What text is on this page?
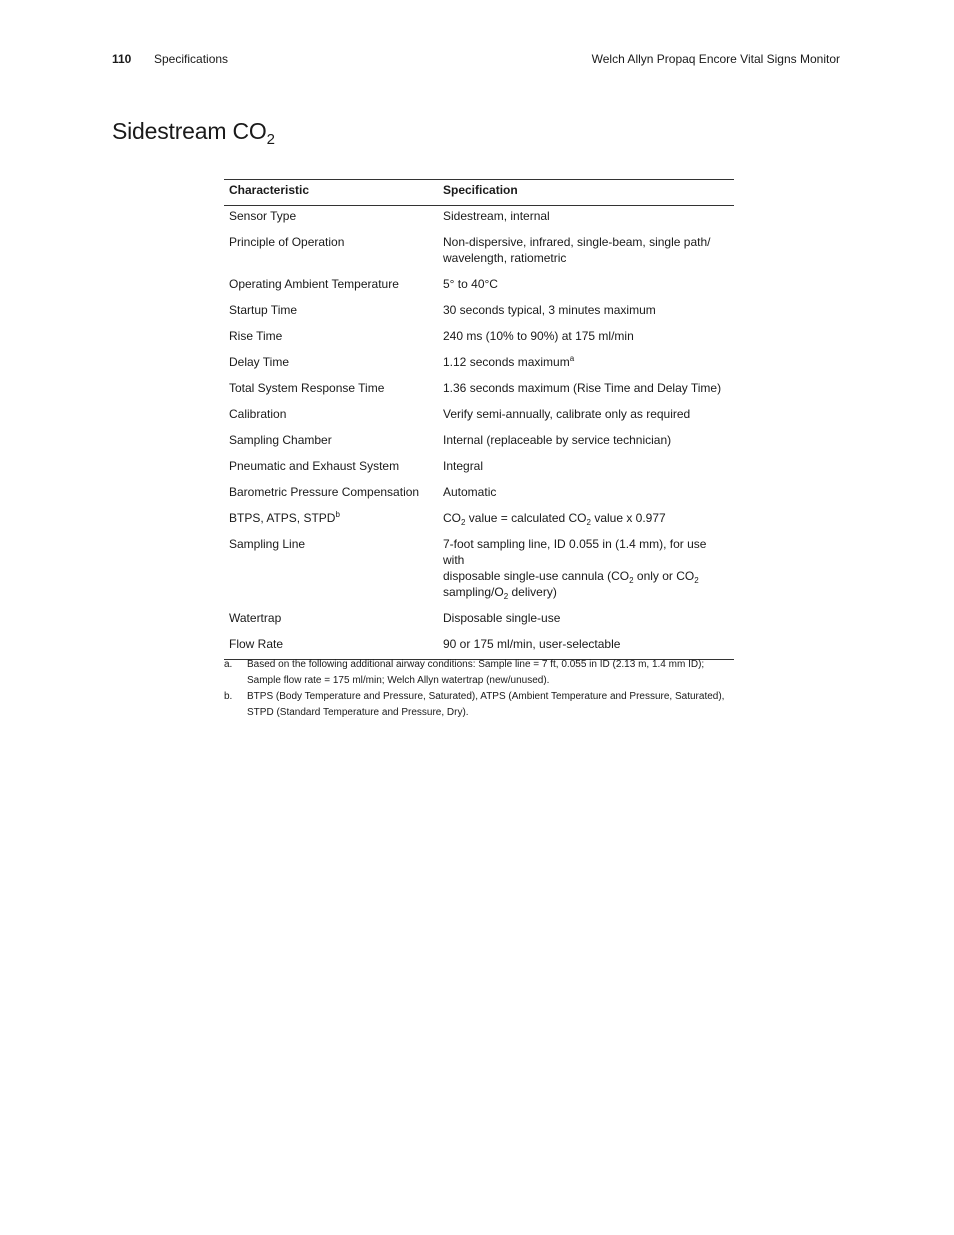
110 Specifications	Welch Allyn Propaq Encore Vital Signs Monitor
Sidestream $CO_2$
Characteristic	Specification
Sensor Type	Sidestream, internal
Principle of Operation	Non-dispersive, infrared, single-beam, single path/
wavelength, ratiometric
Operating Ambient Temperature	5° to 40°C
Startup Time	30 seconds typical, 3 minutes maximum
Rise Time	240 ms (10% to 90%) at 175 ml/min
Delay Time	1.12 seconds maximum$^a$
Total System Response Time	1.36 seconds maximum (Rise Time and Delay Time)
Calibration	Verify semi-annually, calibrate only as required
Sampling Chamber	Internal (replaceable by service technician)
Pneumatic and Exhaust System	Integral
Barometric Pressure Compensation	Automatic
BTPS, ATPS, STPD$^b$	$CO_2$ value = calculated $CO_2$ value x 0.977
Sampling Line	7-foot sampling line, ID 0.055 in (1.4 mm), for use with
disposable single-use cannula ($CO_2$ only or $CO_2$
sampling/$O_2$ delivery)
Watertrap	Disposable single-use
Flow Rate	90 or 175 ml/min, user-selectable
a.	Based on the following additional airway conditions: Sample line = 7 ft, 0.055 in ID (2.13 m, 1.4 mm ID);
Sample flow rate = 175 ml/min; Welch Allyn watertrap (new/unused).
b.	BTPS (Body Temperature and Pressure, Saturated), ATPS (Ambient Temperature and Pressure, Saturated),
STPD (Standard Temperature and Pressure, Dry).
